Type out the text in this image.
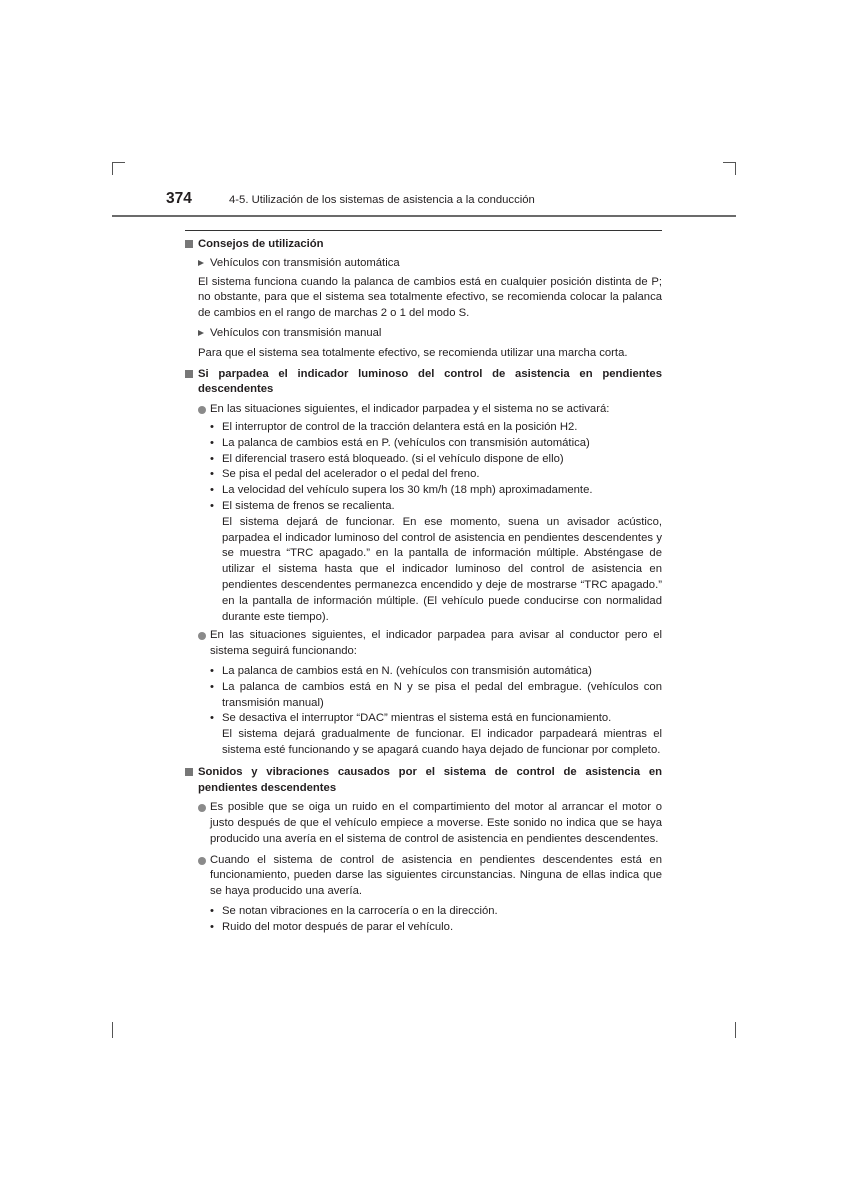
374	4-5. Utilización de los sistemas de asistencia a la conducción
Consejos de utilización
Vehículos con transmisión automática
El sistema funciona cuando la palanca de cambios está en cualquier posición distinta de P; no obstante, para que el sistema sea totalmente efectivo, se recomienda colocar la palanca de cambios en el rango de marchas 2 o 1 del modo S.
Vehículos con transmisión manual
Para que el sistema sea totalmente efectivo, se recomienda utilizar una marcha corta.
Si parpadea el indicador luminoso del control de asistencia en pendientes descendentes
En las situaciones siguientes, el indicador parpadea y el sistema no se activará:
• El interruptor de control de la tracción delantera está en la posición H2.
• La palanca de cambios está en P. (vehículos con transmisión automática)
• El diferencial trasero está bloqueado. (si el vehículo dispone de ello)
• Se pisa el pedal del acelerador o el pedal del freno.
• La velocidad del vehículo supera los 30 km/h (18 mph) aproximadamente.
• El sistema de frenos se recalienta.
El sistema dejará de funcionar. En ese momento, suena un avisador acústico, parpadea el indicador luminoso del control de asistencia en pendientes descendentes y se muestra “TRC apagado.” en la pantalla de información múltiple. Absténgase de utilizar el sistema hasta que el indicador luminoso del control de asistencia en pendientes descendentes permanezca encendido y deje de mostrarse “TRC apagado.” en la pantalla de información múltiple. (El vehículo puede conducirse con normalidad durante este tiempo).
En las situaciones siguientes, el indicador parpadea para avisar al conductor pero el sistema seguirá funcionando:
• La palanca de cambios está en N. (vehículos con transmisión automática)
• La palanca de cambios está en N y se pisa el pedal del embrague. (vehículos con transmisión manual)
• Se desactiva el interruptor “DAC” mientras el sistema está en funcionamiento.
El sistema dejará gradualmente de funcionar. El indicador parpadeará mientras el sistema esté funcionando y se apagará cuando haya dejado de funcionar por completo.
Sonidos y vibraciones causados por el sistema de control de asistencia en pendientes descendentes
Es posible que se oiga un ruido en el compartimiento del motor al arrancar el motor o justo después de que el vehículo empiece a moverse. Este sonido no indica que se haya producido una avería en el sistema de control de asistencia en pendientes descendentes.
Cuando el sistema de control de asistencia en pendientes descendentes está en funcionamiento, pueden darse las siguientes circunstancias. Ninguna de ellas indica que se haya producido una avería.
• Se notan vibraciones en la carrocería o en la dirección.
• Ruido del motor después de parar el vehículo.
